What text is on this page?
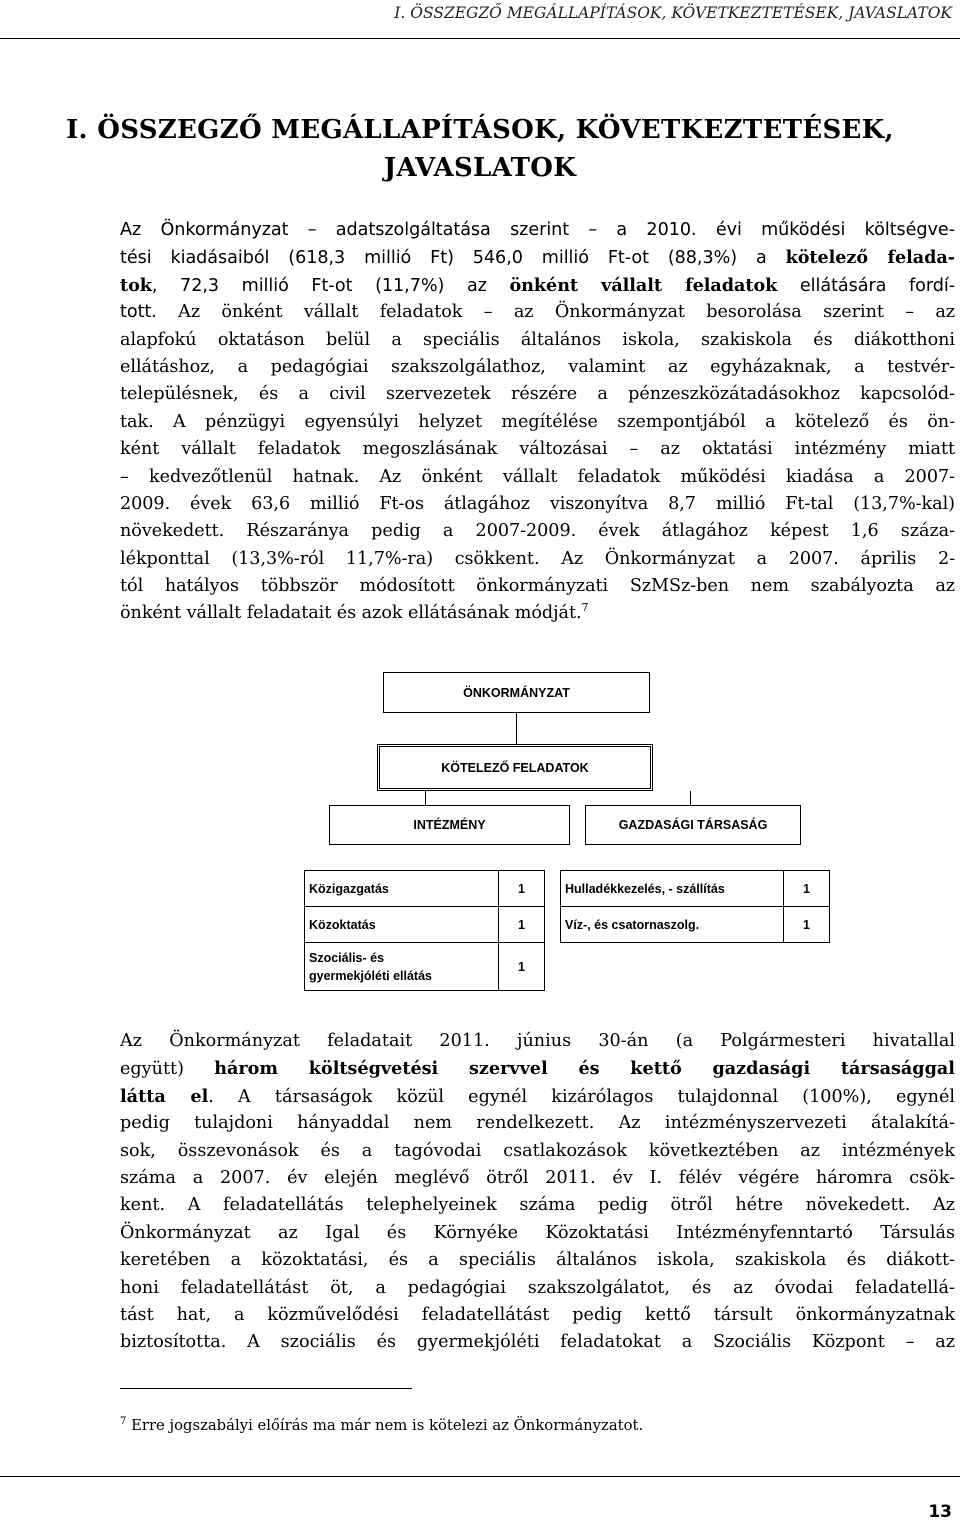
I. ÖSSZEGZŐ MEGÁLLAPÍTÁSOK, KÖVETKEZTETÉSEK, JAVASLATOK
I. ÖSSZEGZŐ MEGÁLLAPÍTÁSOK, KÖVETKEZTETÉSEK,
JAVASLATOK
Az Önkormányzat – adatszolgáltatása szerint – a 2010. évi működési költségve-
tési kiadásaiból (618,3 millió Ft) 546,0 millió Ft-ot (88,3%) a kötelező felada-
tok, 72,3 millió Ft-ot (11,7%) az önként vállalt feladatok ellátására fordí-
tott. Az önként vállalt feladatok – az Önkormányzat besorolása szerint – az
alapfokú oktatáson belül a speciális általános iskola, szakiskola és diákotthoni
ellátáshoz, a pedagógiai szakszolgálathoz, valamint az egyházaknak, a testvér-
településnek, és a civil szervezetek részére a pénzeszközátadásokhoz kapcsolód-
tak. A pénzügyi egyensúlyi helyzet megítélése szempontjából a kötelező és ön-
ként vállalt feladatok megoszlásának változásai – az oktatási intézmény miatt
– kedvezőtlenül hatnak. Az önként vállalt feladatok működési kiadása a 2007-
2009. évek 63,6 millió Ft-os átlagához viszonyítva 8,7 millió Ft-tal (13,7%-kal)
növekedett. Részaránya pedig a 2007-2009. évek átlagához képest 1,6 száza-
lékponttal (13,3%-ról 11,7%-ra) csökkent. Az Önkormányzat a 2007. április 2-
tól hatályos többször módosított önkormányzati SzMSz-ben nem szabályozta az
önként vállalt feladatait és azok ellátásának módját.$^7$
ÖNKORMÁNYZAT
KÖTELEZŐ FELADATOK
INTÉZMÉNY	GAZDASÁGI TÁRSASÁG
Közigazgatás	1
Közoktatás	1
Szociális- és
gyermekjóléti ellátás	1
Hulladékkezelés, - szállítás	1
Víz-, és csatornaszolg.	1
Az Önkormányzat feladatait 2011. június 30-án (a Polgármesteri hivatallal
együtt) három költségvetési szervvel és kettő gazdasági társasággal
látta el. A társaságok közül egynél kizárólagos tulajdonnal (100%), egynél
pedig tulajdoni hányaddal nem rendelkezett. Az intézményszervezeti átalakítá-
sok, összevonások és a tagóvodai csatlakozások következtében az intézmények
száma a 2007. év elején meglévő ötről 2011. év I. félév végére háromra csök-
kent. A feladatellátás telephelyeinek száma pedig ötről hétre növekedett. Az
Önkormányzat az Igal és Környéke Közoktatási Intézményfenntartó Társulás
keretében a közoktatási, és a speciális általános iskola, szakiskola és diákott-
honi feladatellátást öt, a pedagógiai szakszolgálatot, és az óvodai feladatellá-
tást hat, a közművelődési feladatellátást pedig kettő társult önkormányzatnak
biztosította. A szociális és gyermekjóléti feladatokat a Szociális Központ – az

$^7$ Erre jogszabályi előírás ma már nem is kötelezi az Önkormányzatot.

13
